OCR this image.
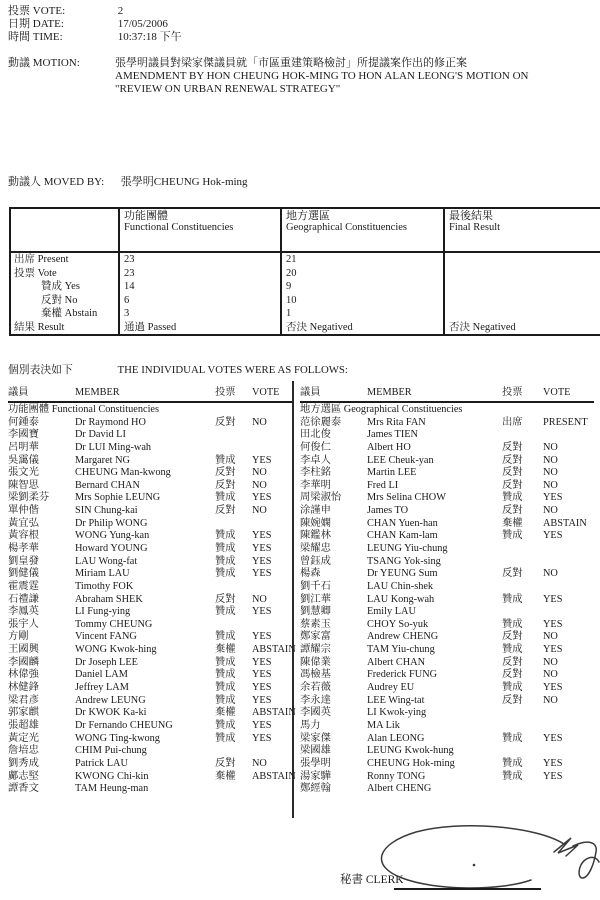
投票 VOTE:	2
日期 DATE:	17/05/2006
時間 TIME:	10:37:18 下午
動議 MOTION:	張學明議員對梁家傑議員就「市區重建策略檢討」所提議案作出的修正案
AMENDMENT BY HON CHEUNG HOK-MING TO HON ALAN LEONG'S MOTION ON
"REVIEW ON URBAN RENEWAL STRATEGY"
動議人 MOVED BY: 張學明CHEUNG Hok-ming

功能團體
Functional Constituencies

地方選區
Geographical Constituencies

最後結果
Final Result

出席 Present	23	21	
投票 Vote	23	20	
贊成 Yes	14	9	
反對 No	6	10	
棄權 Abstain	3	1	
結果 Result	通過 Passed	否決 Negatived	否決 Negatived
個別表決如下	THE INDIVIDUAL VOTES WERE AS FOLLOWS:
議員	MEMBER	投票	VOTE
功能團體 Functional Constituencies
何鍾泰	Dr Raymond HO	反對	NO
李國寶	Dr David LI
呂明華	Dr LUI Ming-wah
吳靄儀	Margaret NG	贊成	YES
張文光	CHEUNG Man-kwong	反對	NO
陳智思	Bernard CHAN	反對	NO
梁劉柔芬	Mrs Sophie LEUNG	贊成	YES
單仲偕	SIN Chung-kai	反對	NO
黃宜弘	Dr Philip WONG
黃容根	WONG Yung-kan	贊成	YES
楊孝華	Howard YOUNG	贊成	YES
劉皇發	LAU Wong-fat	贊成	YES
劉健儀	Miriam LAU	贊成	YES
霍震霆	Timothy FOK
石禮謙	Abraham SHEK	反對	NO
李鳳英	LI Fung-ying	贊成	YES
張宇人	Tommy CHEUNG
方剛	Vincent FANG	贊成	YES
王國興	WONG Kwok-hing	棄權	ABSTAIN
李國麟	Dr Joseph LEE	贊成	YES
林偉強	Daniel LAM	贊成	YES
林健鋒	Jeffrey LAM	贊成	YES
梁君彥	Andrew LEUNG	贊成	YES
郭家麒	Dr KWOK Ka-ki	棄權	ABSTAIN
張超雄	Dr Fernando CHEUNG	贊成	YES
黃定光	WONG Ting-kwong	贊成	YES
詹培忠	CHIM Pui-chung
劉秀成	Patrick LAU	反對	NO
鄺志堅	KWONG Chi-kin	棄權	ABSTAIN
譚香文	TAM Heung-man
議員	MEMBER	投票	VOTE
地方選區 Geographical Constituencies
范徐麗泰	Mrs Rita FAN	出席	PRESENT
田北俊	James TIEN
何俊仁	Albert HO	反對	NO
李卓人	LEE Cheuk-yan	反對	NO
李柱銘	Martin LEE	反對	NO
李華明	Fred LI	反對	NO
周梁淑怡	Mrs Selina CHOW	贊成	YES
涂謹申	James TO	反對	NO
陳婉嫻	CHAN Yuen-han	棄權	ABSTAIN
陳鑑林	CHAN Kam-lam	贊成	YES
梁耀忠	LEUNG Yiu-chung
曾鈺成	TSANG Yok-sing
楊森	Dr YEUNG Sum	反對	NO
劉千石	LAU Chin-shek
劉江華	LAU Kong-wah	贊成	YES
劉慧卿	Emily LAU
蔡素玉	CHOY So-yuk	贊成	YES
鄭家富	Andrew CHENG	反對	NO
譚耀宗	TAM Yiu-chung	贊成	YES
陳偉業	Albert CHAN	反對	NO
馮檢基	Frederick FUNG	反對	NO
余若薇	Audrey EU	贊成	YES
李永達	LEE Wing-tat	反對	NO
李國英	LI Kwok-ying
馬力	MA Lik
梁家傑	Alan LEONG	贊成	YES
梁國雄	LEUNG Kwok-hung
張學明	CHEUNG Hok-ming	贊成	YES
湯家驊	Ronny TONG	贊成	YES
鄭經翰	Albert CHENG
秘書 CLERK
